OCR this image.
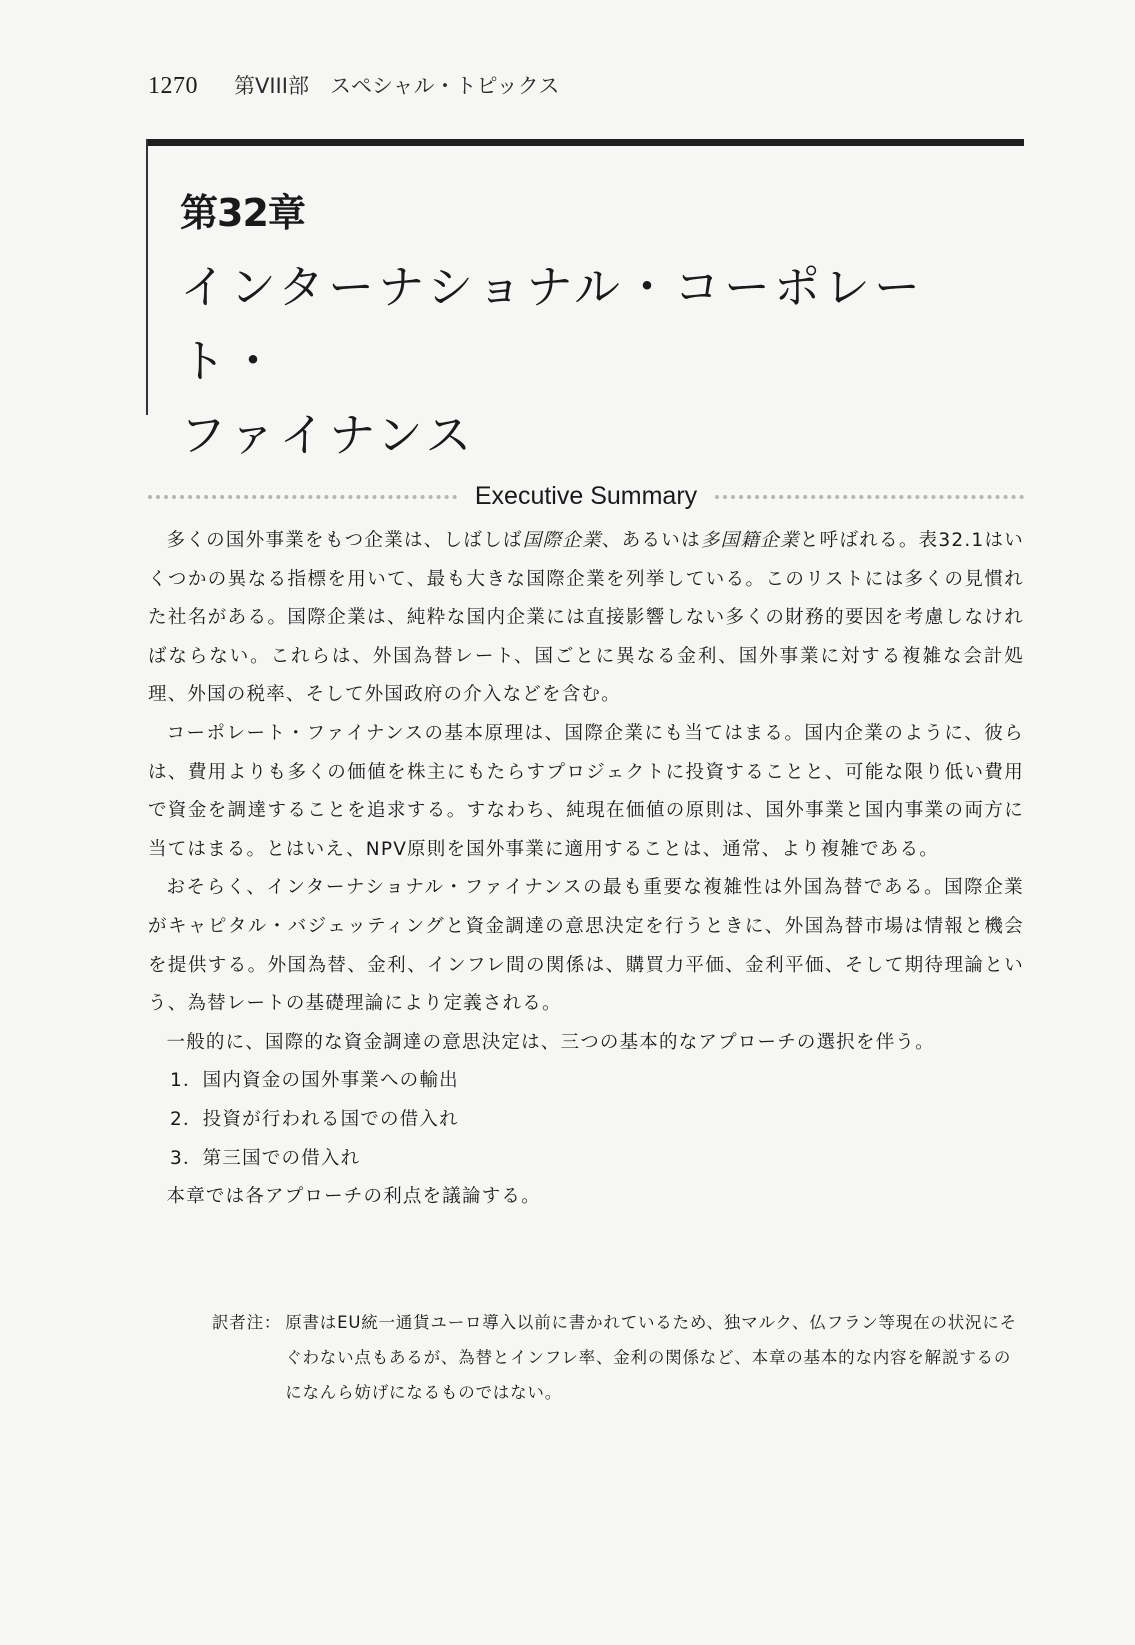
1270 第VIII部　スペシャル・トピックス
第32章
インターナショナル・コーポレート・
ファイナンス
Executive Summary

多くの国外事業をもつ企業は、しばしば国際企業、あるいは多国籍企業と呼ばれる。表32.1はいくつかの異なる指標を用いて、最も大きな国際企業を列挙している。このリストには多くの見慣れた社名がある。国際企業は、純粋な国内企業には直接影響しない多くの財務的要因を考慮しなければならない。これらは、外国為替レート、国ごとに異なる金利、国外事業に対する複雑な会計処理、外国の税率、そして外国政府の介入などを含む。

コーポレート・ファイナンスの基本原理は、国際企業にも当てはまる。国内企業のように、彼らは、費用よりも多くの価値を株主にもたらすプロジェクトに投資することと、可能な限り低い費用で資金を調達することを追求する。すなわち、純現在価値の原則は、国外事業と国内事業の両方に当てはまる。とはいえ、NPV原則を国外事業に適用することは、通常、より複雑である。

おそらく、インターナショナル・ファイナンスの最も重要な複雑性は外国為替である。国際企業がキャピタル・バジェッティングと資金調達の意思決定を行うときに、外国為替市場は情報と機会を提供する。外国為替、金利、インフレ間の関係は、購買力平価、金利平価、そして期待理論という、為替レートの基礎理論により定義される。

一般的に、国際的な資金調達の意思決定は、三つの基本的なアプローチの選択を伴う。

1．国内資金の国外事業への輸出
2．投資が行われる国での借入れ
3．第三国での借入れ

本章では各アプローチの利点を議論する。

訳者注： 原書はEU統一通貨ユーロ導入以前に書かれているため、独マルク、仏フラン等現在の状況にそぐわない点もあるが、為替とインフレ率、金利の関係など、本章の基本的な内容を解説するのになんら妨げになるものではない。
